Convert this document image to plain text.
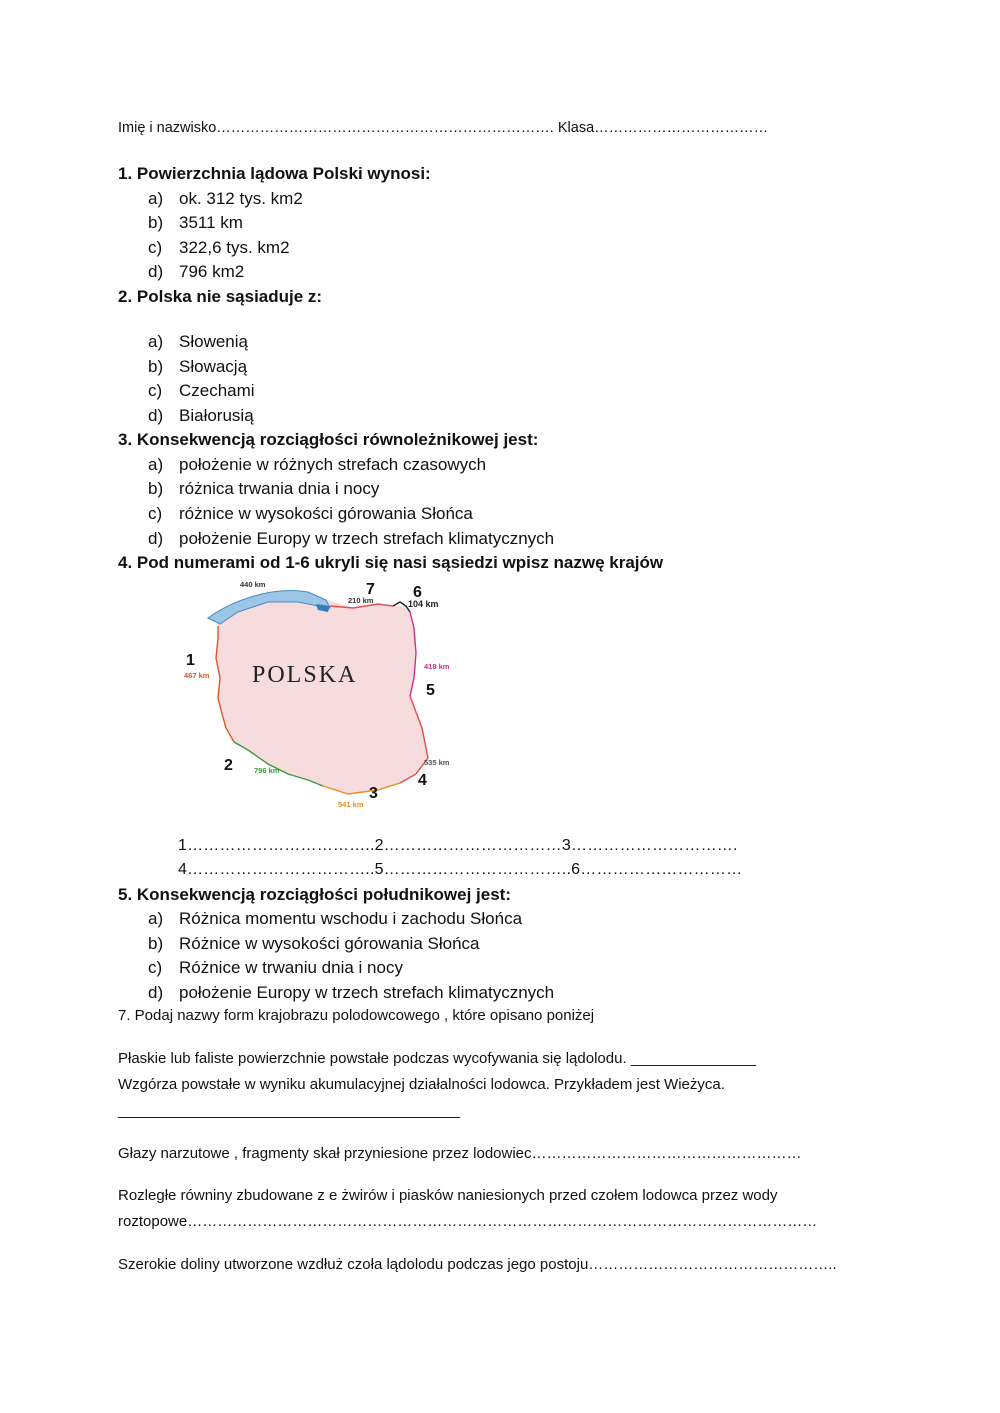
Imię i nazwisko……………………………………………………………. Klasa………………………………
1. Powierzchnia lądowa Polski wynosi:
a) ok. 312 tys. km2
b) 3511 km
c) 322,6 tys. km2
d) 796 km2
2. Polska nie sąsiaduje z:
a) Słowenią
b) Słowacją
c) Czechami
d) Białorusią
3. Konsekwencją rozciągłości równoleżnikowej jest:
a) położenie w różnych strefach czasowych
b) różnica trwania dnia i nocy
c) różnice w wysokości górowania Słońca
d) położenie Europy w trzech strefach klimatycznych
4. Pod numerami od 1-6 ukryli się nasi sąsiedzi wpisz nazwę krajów
POLSKA
1
2
3
4
5
6
7
440 km
210 km	104 km
418 km
535 km
541 km
796 km
467 km
1……………………………..2……………………………3………………………….
4……………………………..5……………………………..6…………………………
5. Konsekwencją rozciągłości południkowej jest:
a) Różnica momentu wschodu i zachodu Słońca
b) Różnice w wysokości górowania Słońca
c) Różnice w trwaniu dnia i nocy
d) położenie Europy w trzech strefach klimatycznych
7. Podaj nazwy form krajobrazu polodowcowego , które opisano poniżej
Płaskie lub faliste powierzchnie powstałe podczas wycofywania się lądolodu. _______________
Wzgórza powstałe w wyniku akumulacyjnej działalności lodowca. Przykładem jest Wieżyca.
_________________________________________
Głazy narzutowe , fragmenty skał przyniesione przez lodowiec………………………………………………
Rozległe równiny zbudowane z e żwirów i piasków naniesionych przed czołem lodowca przez wody
roztopowe………………………………………………………………………………………………………………
Szerokie doliny utworzone wzdłuż czoła lądolodu podczas jego postoju…………………………………………..
